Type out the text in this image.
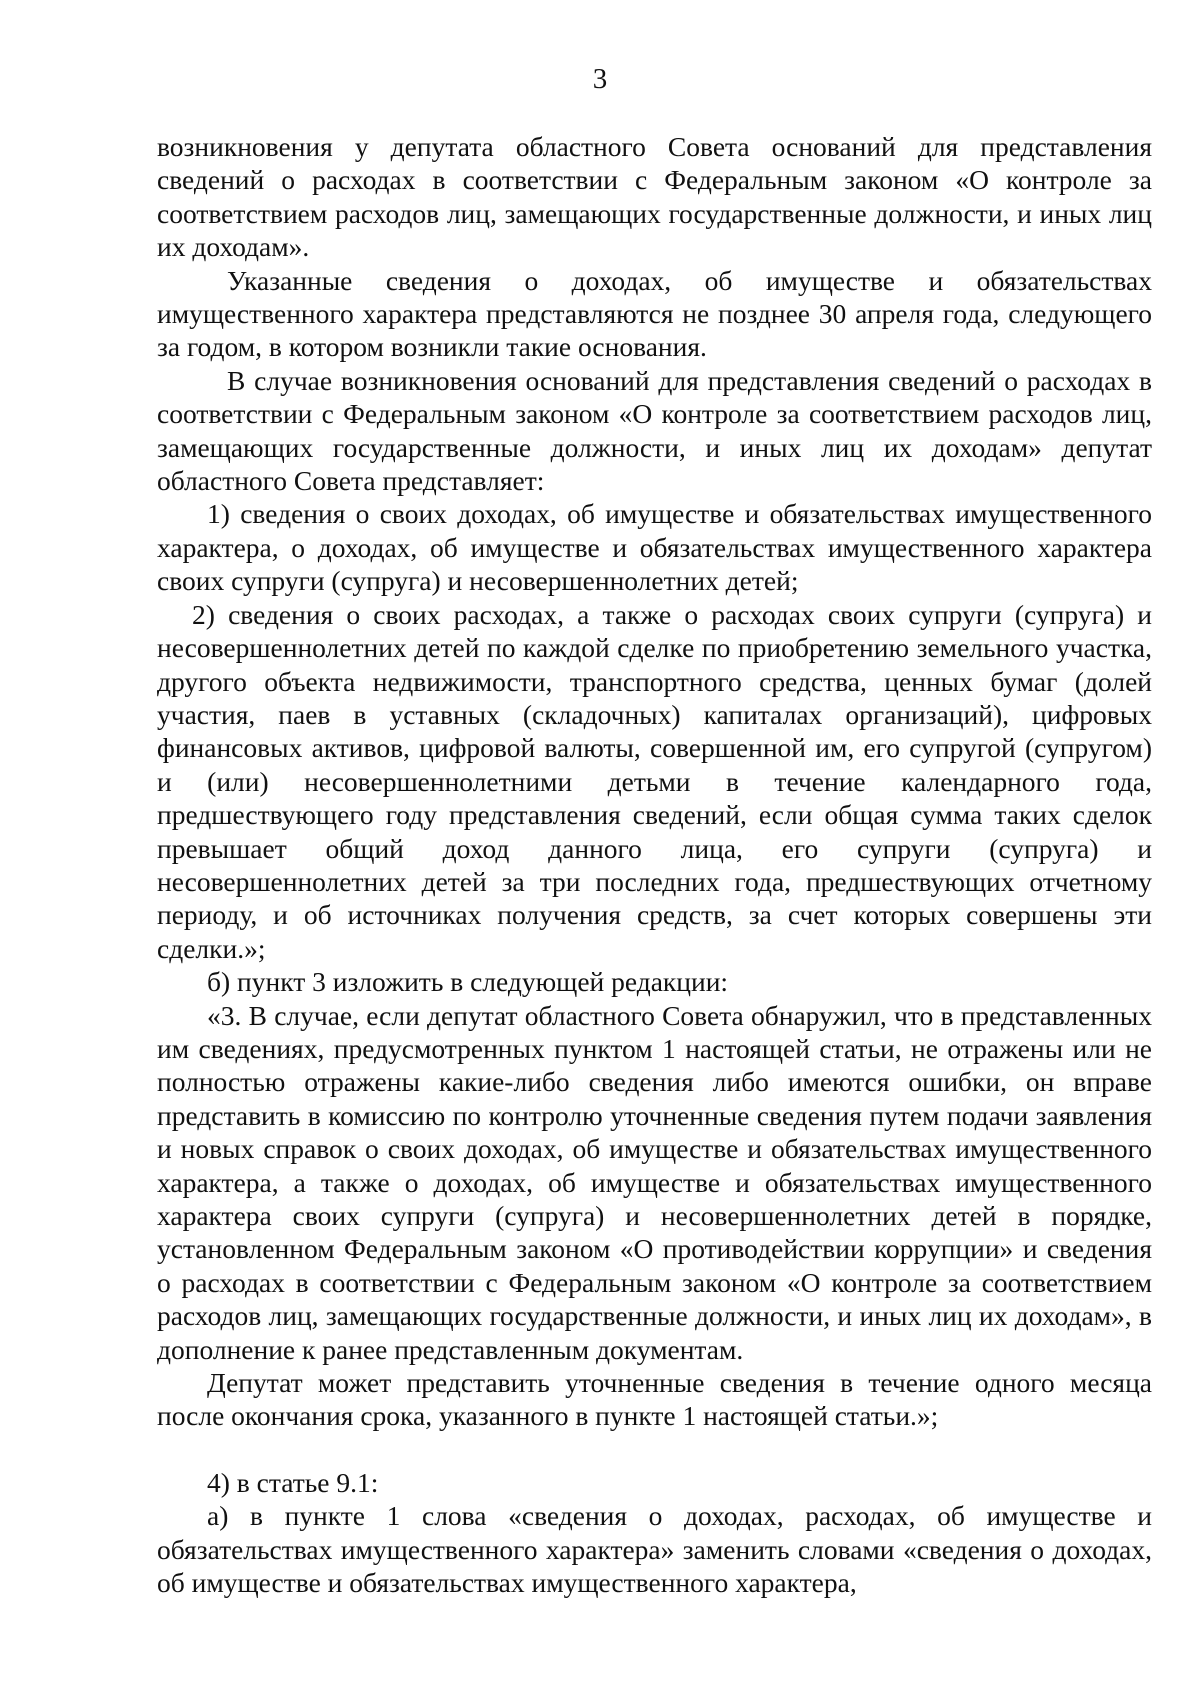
3

возникновения у депутата областного Совета оснований для представления сведений о расходах в соответствии с Федеральным законом «О контроле за соответствием расходов лиц, замещающих государственные должности, и иных лиц их доходам».

Указанные сведения о доходах, об имуществе и обязательствах имущественного характера представляются не позднее 30 апреля года, следующего за годом, в котором возникли такие основания.

В случае возникновения оснований для представления сведений о расходах в соответствии с Федеральным законом «О контроле за соответствием расходов лиц, замещающих государственные должности, и иных лиц их доходам» депутат областного Совета представляет:

1) сведения о своих доходах, об имуществе и обязательствах имущественного характера, о доходах, об имуществе и обязательствах имущественного характера своих супруги (супруга) и несовершеннолетних детей;

2) сведения о своих расходах, а также о расходах своих супруги (супруга) и несовершеннолетних детей по каждой сделке по приобретению земельного участка, другого объекта недвижимости, транспортного средства, ценных бумаг (долей участия, паев в уставных (складочных) капиталах организаций), цифровых финансовых активов, цифровой валюты, совершенной им, его супругой (супругом) и (или) несовершеннолетними детьми в течение календарного года, предшествующего году представления сведений, если общая сумма таких сделок превышает общий доход данного лица, его супруги (супруга) и несовершеннолетних детей за три последних года, предшествующих отчетному периоду, и об источниках получения средств, за счет которых совершены эти сделки.»;

б) пункт 3 изложить в следующей редакции:

«3. В случае, если депутат областного Совета обнаружил, что в представленных им сведениях, предусмотренных пунктом 1 настоящей статьи, не отражены или не полностью отражены какие-либо сведения либо имеются ошибки, он вправе представить в комиссию по контролю уточненные сведения путем подачи заявления и новых справок о своих доходах, об имуществе и обязательствах имущественного характера, а также о доходах, об имуществе и обязательствах имущественного характера своих супруги (супруга) и несовершеннолетних детей в порядке, установленном Федеральным законом «О противодействии коррупции» и сведения о расходах в соответствии с Федеральным законом «О контроле за соответствием расходов лиц, замещающих государственные должности, и иных лиц их доходам», в дополнение к ранее представленным документам.

Депутат может представить уточненные сведения в течение одного месяца после окончания срока, указанного в пункте 1 настоящей статьи.»;

4) в статье 9.1:

а) в пункте 1 слова «сведения о доходах, расходах, об имуществе и обязательствах имущественного характера» заменить словами «сведения о доходах, об имуществе и обязательствах имущественного характера,
